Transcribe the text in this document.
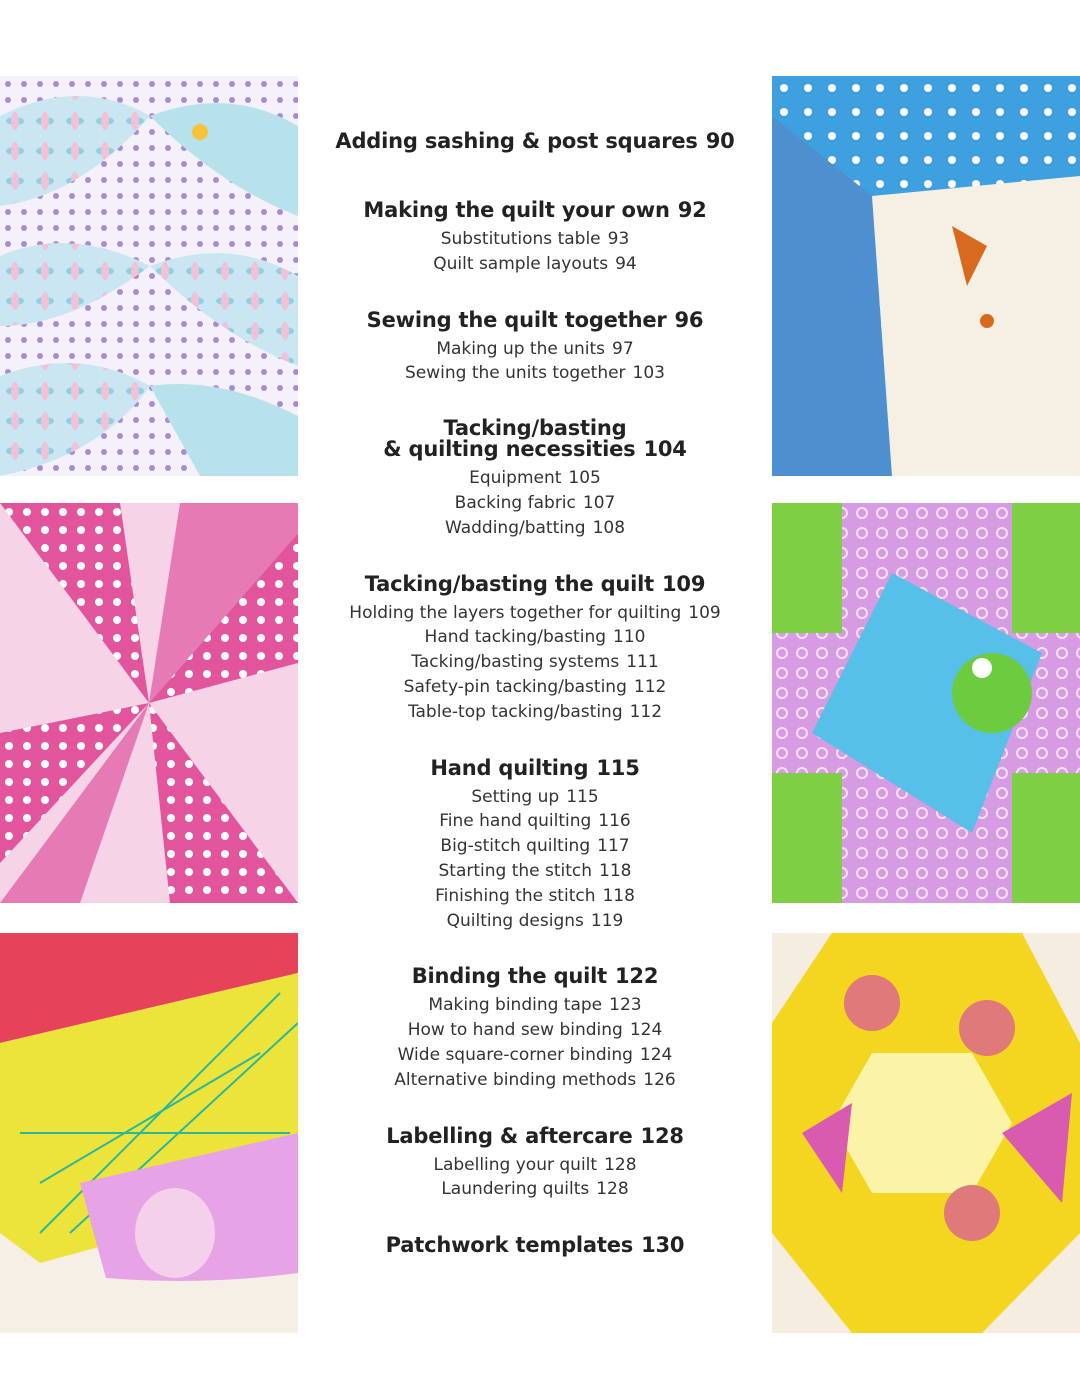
Adding sashing & post squares 90
Making the quilt your own 92
Substitutions table 93
Quilt sample layouts 94
Sewing the quilt together 96
Making up the units 97
Sewing the units together 103
Tacking/basting
& quilting necessities 104
Equipment 105
Backing fabric 107
Wadding/batting 108
Tacking/basting the quilt 109
Holding the layers together for quilting 109
Hand tacking/basting 110
Tacking/basting systems 111
Safety-pin tacking/basting 112
Table-top tacking/basting 112
Hand quilting 115
Setting up 115
Fine hand quilting 116
Big-stitch quilting 117
Starting the stitch 118
Finishing the stitch 118
Quilting designs 119
Binding the quilt 122
Making binding tape 123
How to hand sew binding 124
Wide square-corner binding 124
Alternative binding methods 126
Labelling & aftercare 128
Labelling your quilt 128
Laundering quilts 128
Patchwork templates 130
